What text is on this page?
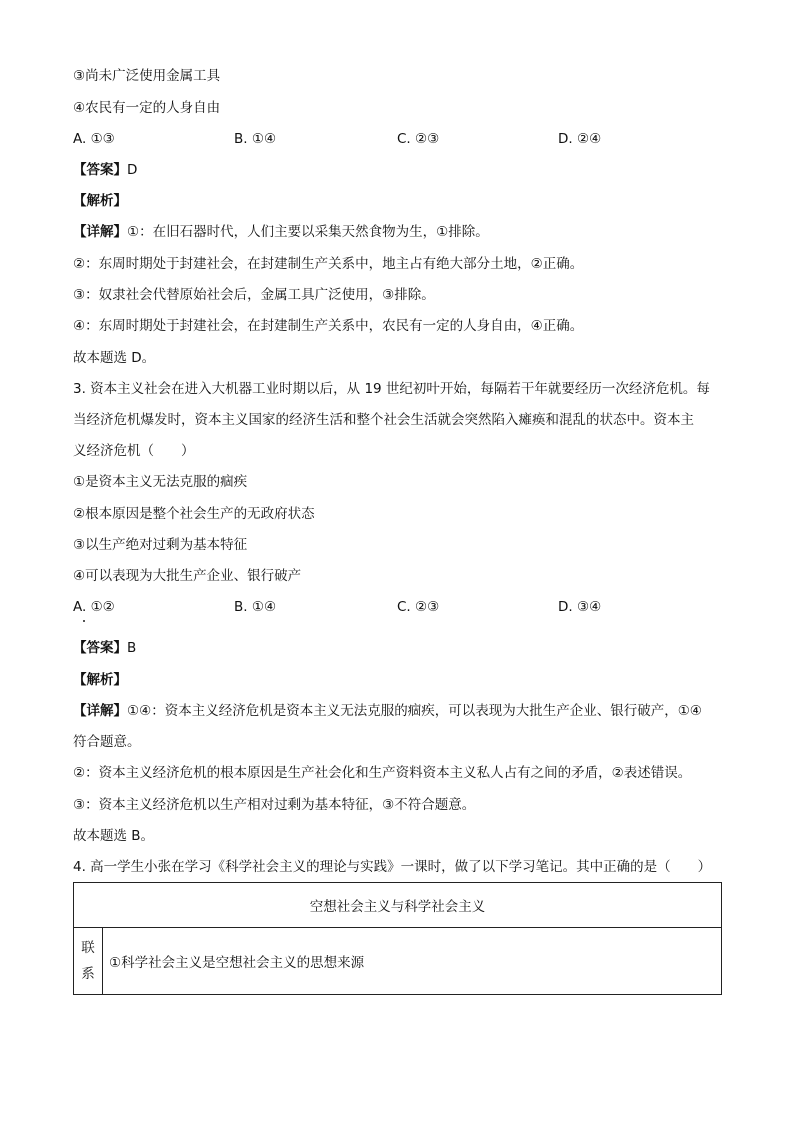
③尚未广泛使用金属工具
④农民有一定的人身自由
A. ①③	B. ①④	C. ②③	D. ②④
【答案】D
【解析】
【详解】①：在旧石器时代，人们主要以采集天然食物为生，①排除。
②：东周时期处于封建社会，在封建制生产关系中，地主占有绝大部分土地，②正确。
③：奴隶社会代替原始社会后，金属工具广泛使用，③排除。
④：东周时期处于封建社会，在封建制生产关系中，农民有一定的人身自由，④正确。
故本题选 D。
3. 资本主义社会在进入大机器工业时期以后，从 19 世纪初叶开始，每隔若干年就要经历一次经济危机。每
当经济危机爆发时，资本主义国家的经济生活和整个社会生活就会突然陷入瘫痪和混乱的状态中。资本主
义经济危机（　　）
①是资本主义无法克服的痼疾
②根本原因是整个社会生产的无政府状态
③以生产绝对过剩为基本特征
④可以表现为大批生产企业、银行破产
A. ①②	B. ①④	C. ②③	D. ③④
【答案】B
【解析】
【详解】①④：资本主义经济危机是资本主义无法克服的痼疾，可以表现为大批生产企业、银行破产，①④
符合题意。
②：资本主义经济危机的根本原因是生产社会化和生产资料资本主义私人占有之间的矛盾，②表述错误。
③：资本主义经济危机以生产相对过剩为基本特征，③不符合题意。
故本题选 B。
4. 高一学生小张在学习《科学社会主义的理论与实践》一课时，做了以下学习笔记。其中正确的是（　　）
空想社会主义与科学社会主义

联
系
	①科学社会主义是空想社会主义的思想来源
